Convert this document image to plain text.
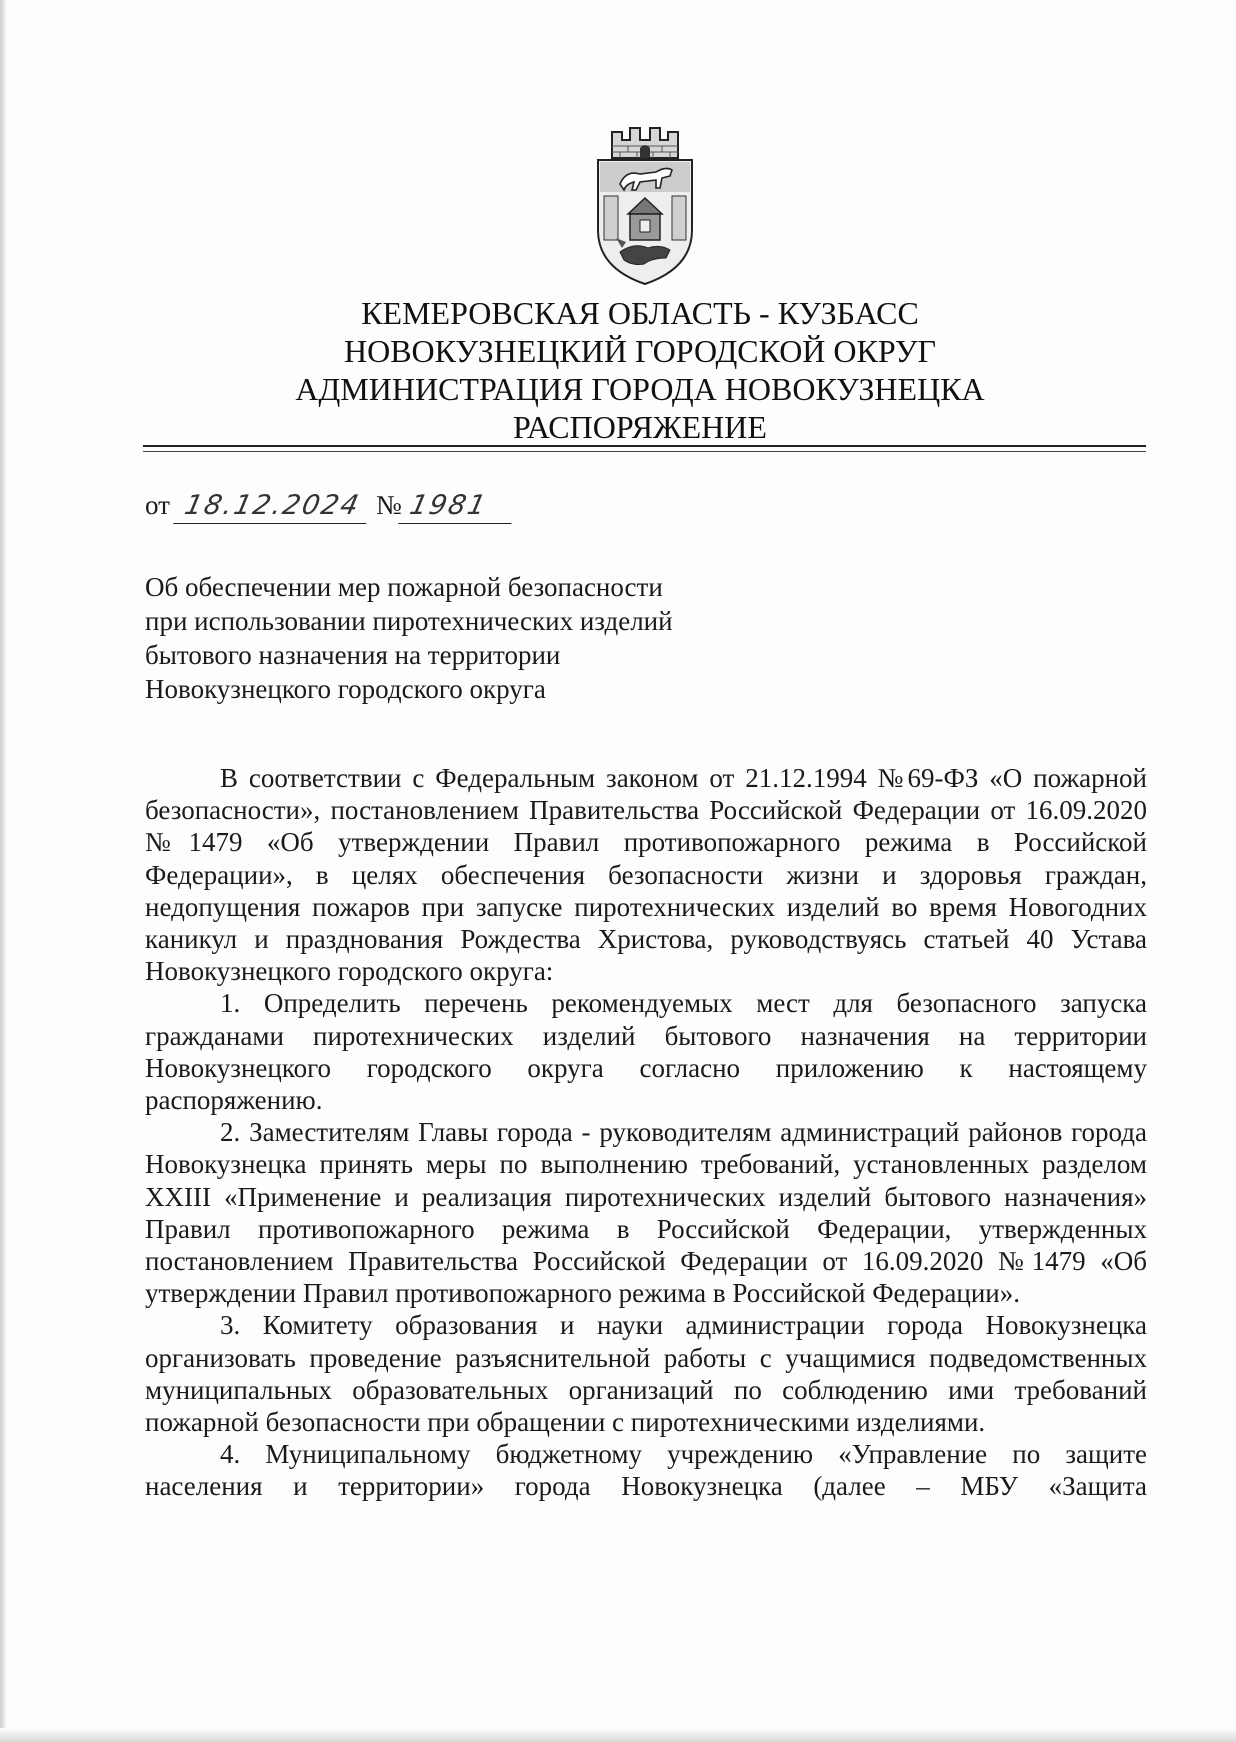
КЕМЕРОВСКАЯ ОБЛАСТЬ - КУЗБАСС
НОВОКУЗНЕЦКИЙ ГОРОДСКОЙ ОКРУГ
АДМИНИСТРАЦИЯ ГОРОДА НОВОКУЗНЕЦКА
РАСПОРЯЖЕНИЕ
от 18.12.2024 № 1981
Об обеспечении мер пожарной безопасности
при использовании пиротехнических изделий
бытового назначения на территории
Новокузнецкого городского округа

В соответствии с Федеральным законом от 21.12.1994 №69-ФЗ «О пожарной безопасности», постановлением Правительства Российской Федерации от 16.09.2020 №1479 «Об утверждении Правил противопожарного режима в Российской Федерации», в целях обеспечения безопасности жизни и здоровья граждан, недопущения пожаров при запуске пиротехнических изделий во время Новогодних каникул и празднования Рождества Христова, руководствуясь статьей 40 Устава Новокузнецкого городского округа:

1. Определить перечень рекомендуемых мест для безопасного запуска гражданами пиротехнических изделий бытового назначения на территории Новокузнецкого городского округа согласно приложению к настоящему распоряжению.

2. Заместителям Главы города - руководителям администраций районов города Новокузнецка принять меры по выполнению требований, установленных разделом XXIII «Применение и реализация пиротехнических изделий бытового назначения» Правил противопожарного режима в Российской Федерации, утвержденных постановлением Правительства Российской Федерации от 16.09.2020 №1479 «Об утверждении Правил противопожарного режима в Российской Федерации».

3. Комитету образования и науки администрации города Новокузнецка организовать проведение разъяснительной работы с учащимися подведомственных муниципальных образовательных организаций по соблюдению ими требований пожарной безопасности при обращении с пиротехническими изделиями.

4. Муниципальному бюджетному учреждению «Управление по защите населения и территории» города Новокузнецка (далее – МБУ «Защита
